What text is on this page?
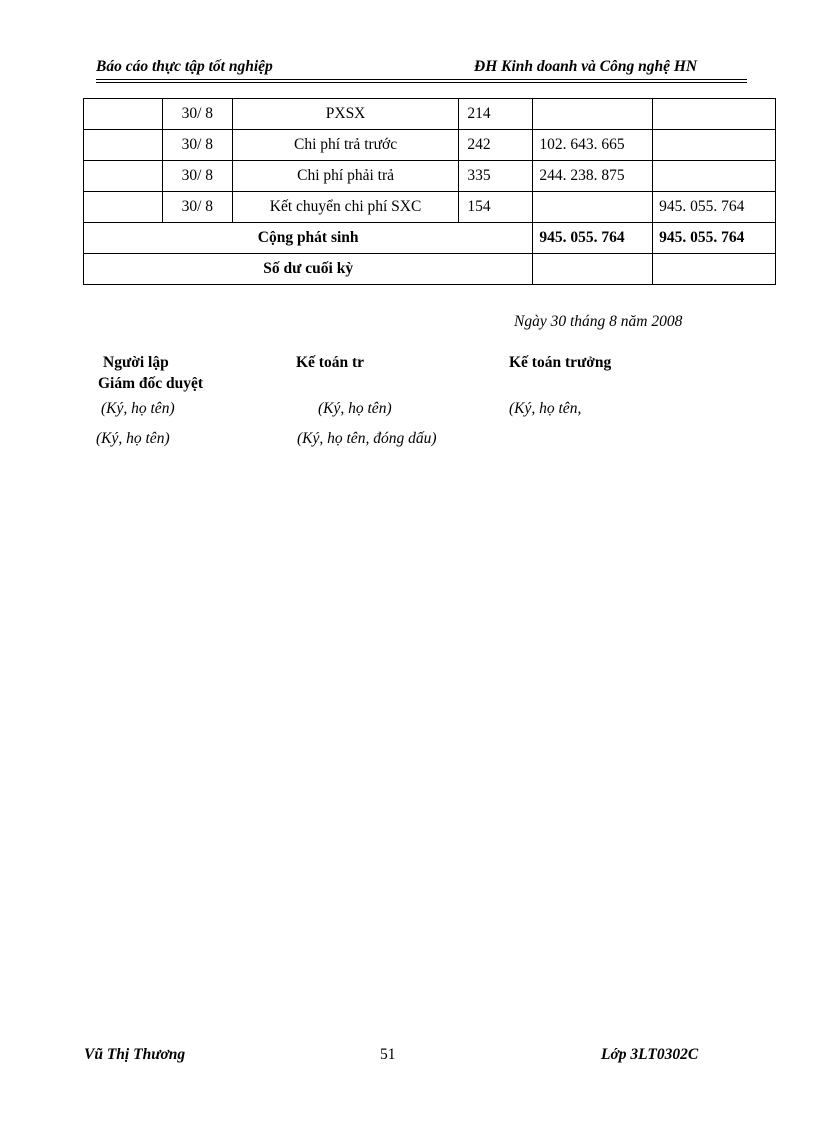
Báo cáo thực tập tốt nghiệp	ĐH Kinh doanh và Công nghệ HN
	30/ 8	PXSX	214		
	30/ 8	Chi phí trả trước	242	102. 643. 665	
	30/ 8	Chi phí phải trả	335	244. 238. 875	
	30/ 8	Kết chuyển chi phí SXC	154		945. 055. 764
Cộng phát sinh				945. 055. 764	945. 055. 764
Số dư cuối kỳ					
Ngày 30 tháng 8 năm 2008
Người lập	Kế toán tr	Kế toán trưởng
Giám đốc duyệt
(Ký, họ tên)	(Ký, họ tên)	(Ký, họ tên,
(Ký, họ tên)	(Ký, họ tên, đóng dấu)
Vũ Thị Thương	51	Lớp 3LT0302C
